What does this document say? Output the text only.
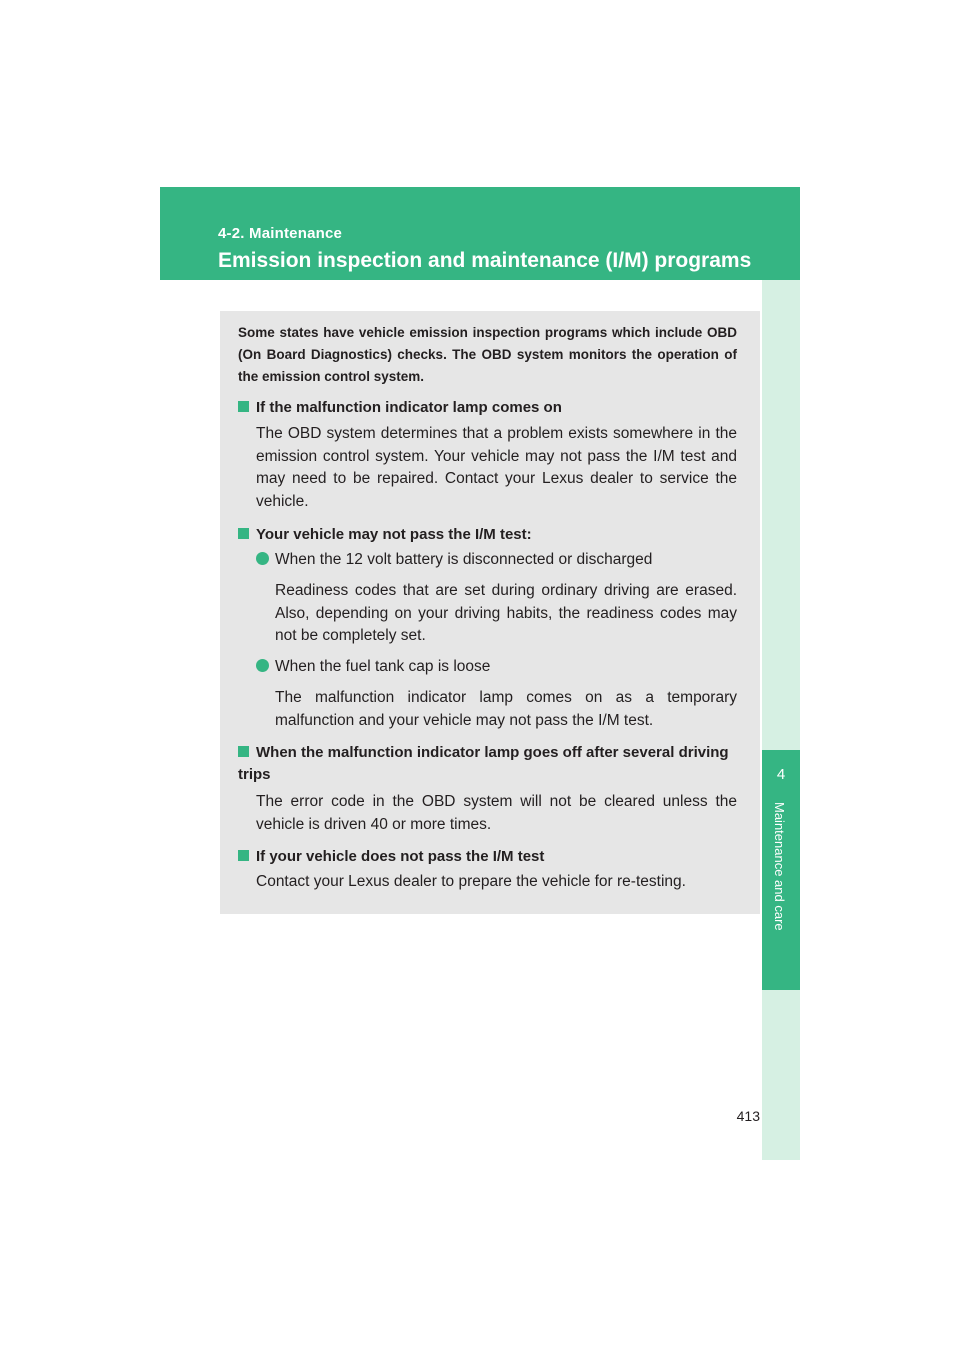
4-2. Maintenance
Emission inspection and maintenance (I/M) programs
4
Maintenance and care
Some states have vehicle emission inspection programs which include OBD (On Board Diagnostics) checks. The OBD system monitors the operation of the emission control system.
If the malfunction indicator lamp comes on
The OBD system determines that a problem exists somewhere in the emission control system. Your vehicle may not pass the I/M test and may need to be repaired. Contact your Lexus dealer to service the vehicle.
Your vehicle may not pass the I/M test:
When the 12 volt battery is disconnected or discharged
Readiness codes that are set during ordinary driving are erased. Also, depending on your driving habits, the readiness codes may not be completely set.
When the fuel tank cap is loose
The malfunction indicator lamp comes on as a temporary malfunction and your vehicle may not pass the I/M test.
When the malfunction indicator lamp goes off after several driving trips
The error code in the OBD system will not be cleared unless the vehicle is driven 40 or more times.
If your vehicle does not pass the I/M test
Contact your Lexus dealer to prepare the vehicle for re-testing.
413
